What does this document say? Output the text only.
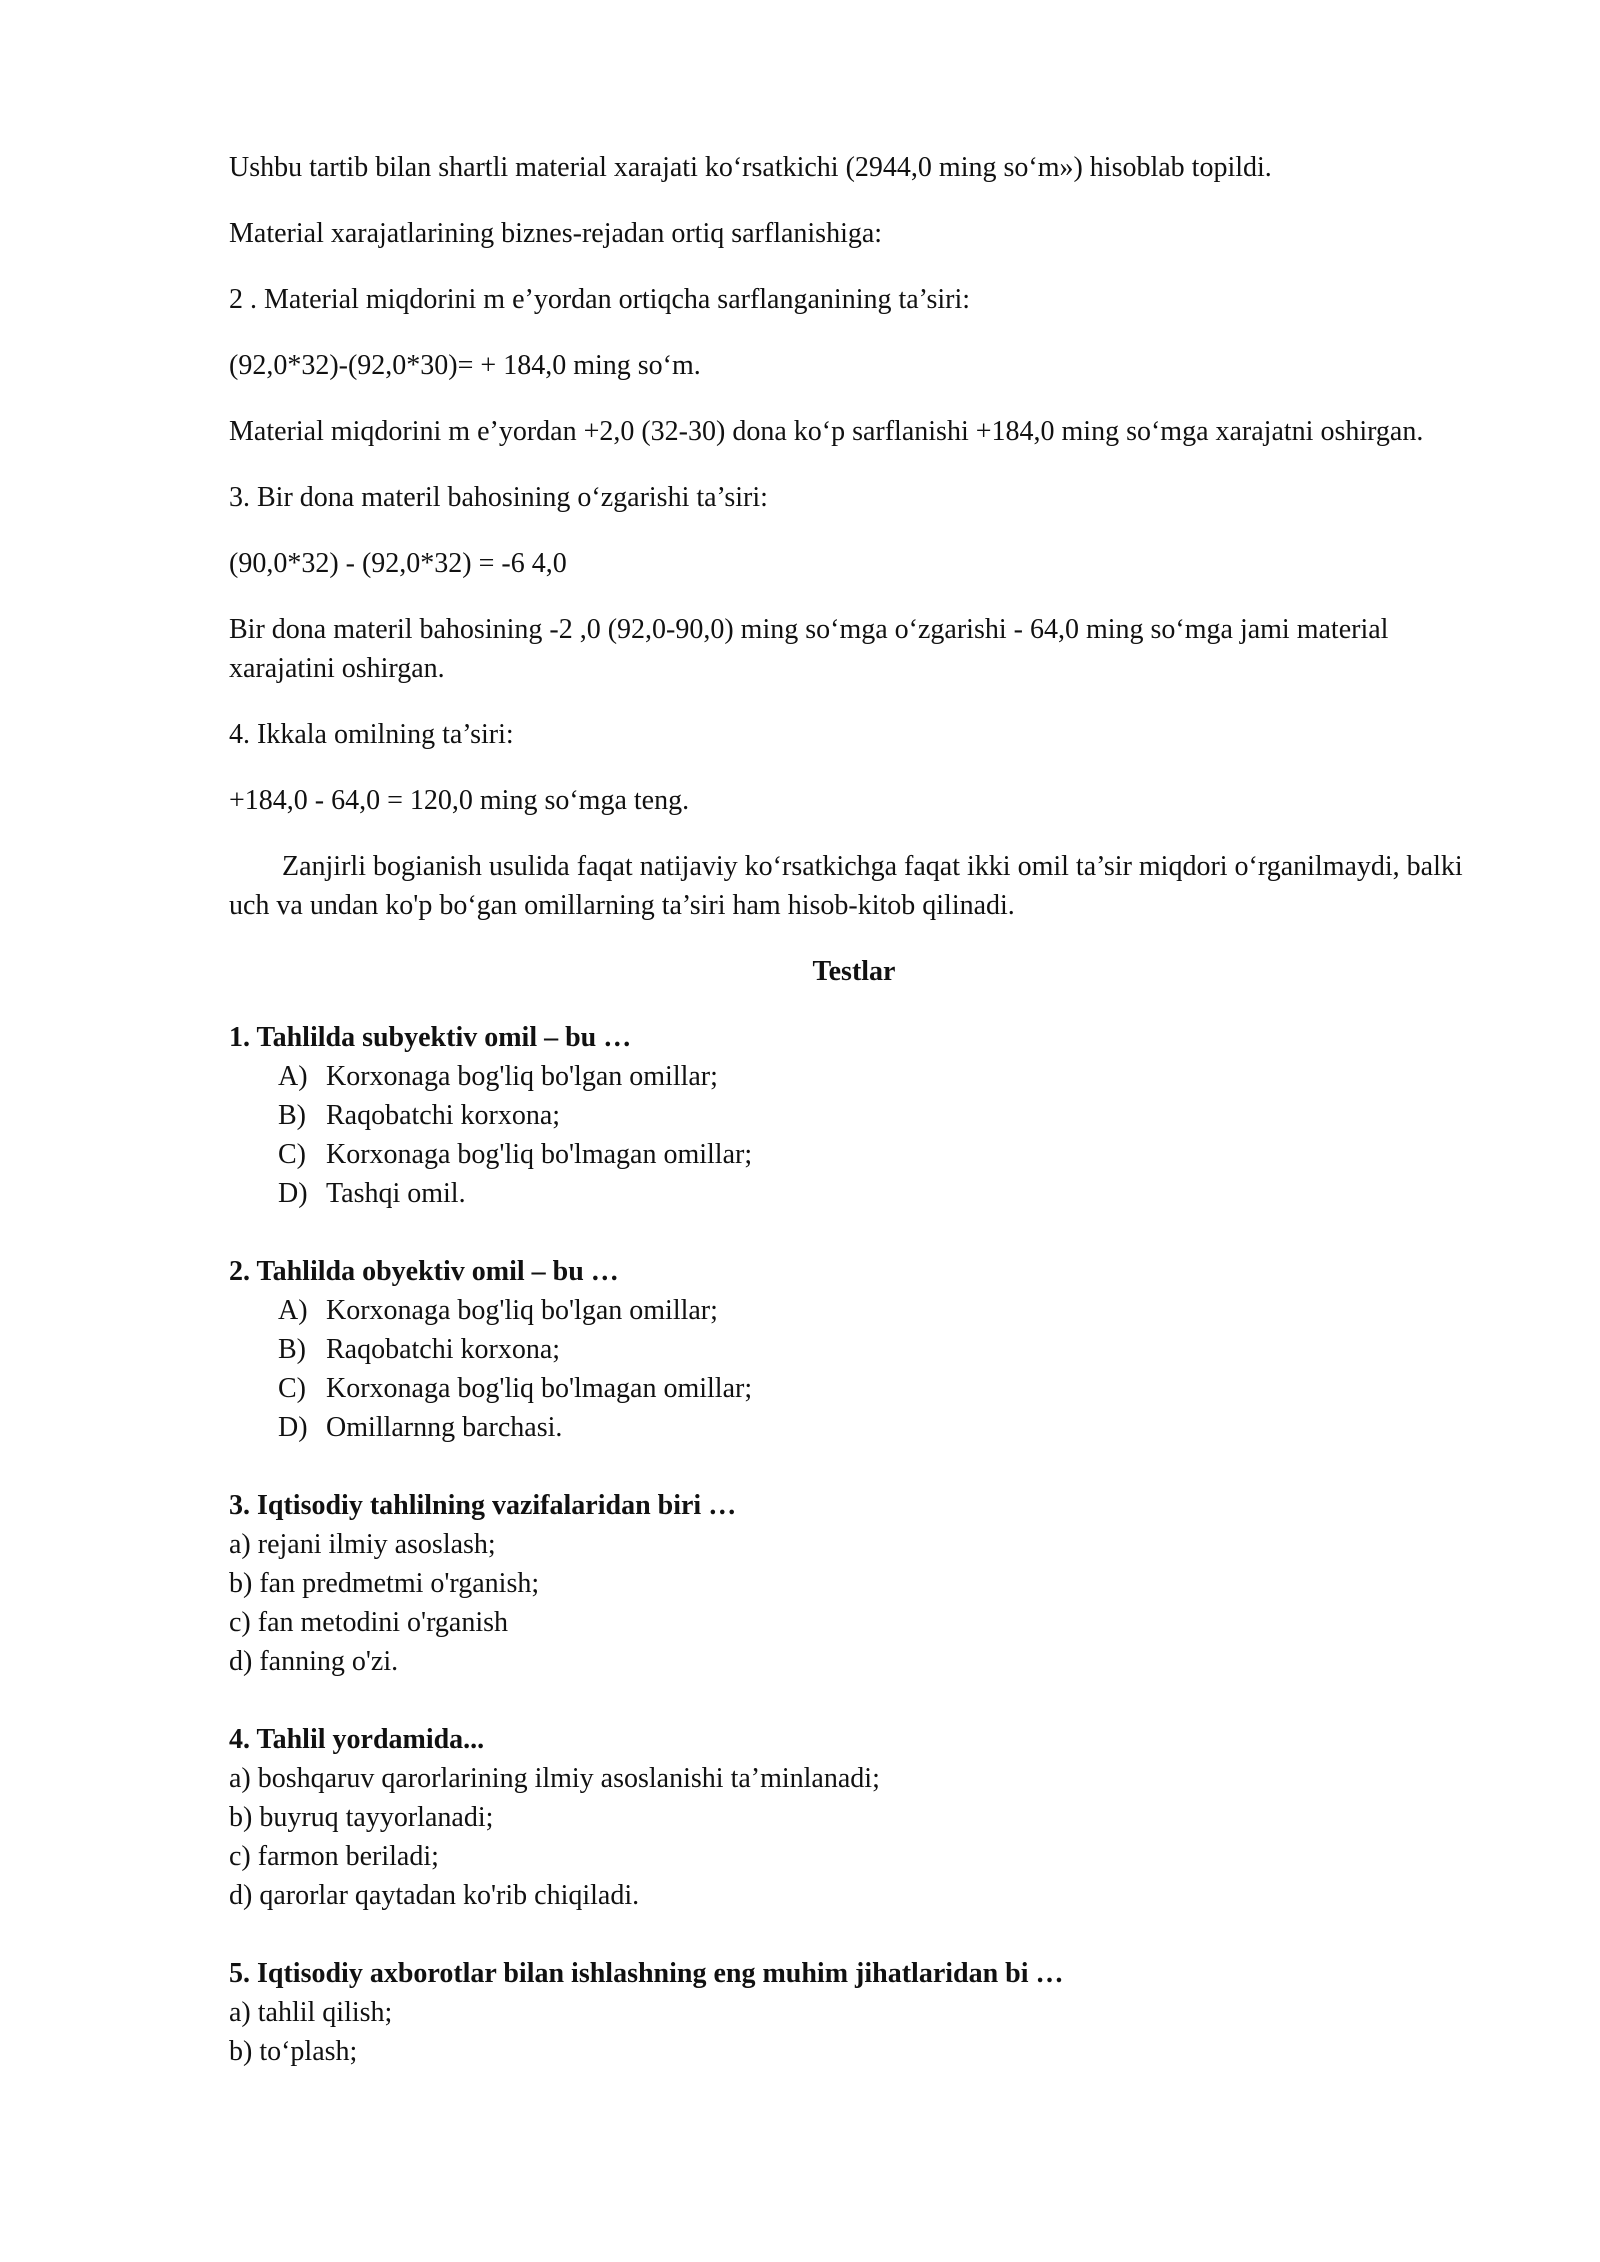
Ushbu tartib bilan shartli material xarajati ko‘rsatkichi (2944,0 ming so‘m») hisoblab topildi.

Material xarajatlarining biznes-rejadan ortiq sarflanishiga:

2 . Material miqdorini m e’yordan ortiqcha sarflanganining ta’siri:

(92,0*32)-(92,0*30)= + 184,0 ming so‘m.

Material miqdorini m e’yordan +2,0 (32-30) dona ko‘p sarflanishi +184,0 ming so‘mga xarajatni oshirgan.

3. Bir dona materil bahosining o‘zgarishi ta’siri:

(90,0*32) - (92,0*32) = -6 4,0

Bir dona materil bahosining -2 ,0 (92,0-90,0) ming so‘mga o‘zgarishi - 64,0 ming so‘mga jami material xarajatini oshirgan.

4. Ikkala omilning ta’siri:

+184,0 - 64,0 = 120,0 ming so‘mga teng.

Zanjirli bogianish usulida faqat natijaviy ko‘rsatkichga faqat ikki omil ta’sir miqdori o‘rganilmaydi, balki uch va undan ko'p bo‘gan omillarning ta’siri ham hisob-kitob qilinadi.

Testlar

1. Tahlilda subyektiv omil – bu …

A) Korxonaga bog'liq bo'lgan omillar;
B) Raqobatchi korxona;
C) Korxonaga bog'liq bo'lmagan omillar;
D) Tashqi omil.

2. Tahlilda obyektiv omil – bu …

A) Korxonaga bog'liq bo'lgan omillar;
B) Raqobatchi korxona;
C) Korxonaga bog'liq bo'lmagan omillar;
D) Omillarnng barchasi.

3. Iqtisodiy tahlilning vazifalaridan biri …

a) rejani ilmiy asoslash;
b) fan predmetmi o'rganish;
c) fan metodini o'rganish
d) fanning o'zi.

4. Tahlil yordamida...

a) boshqaruv qarorlarining ilmiy asoslanishi ta’minlanadi;
b) buyruq tayyorlanadi;
c) farmon beriladi;
d) qarorlar qaytadan ko'rib chiqiladi.

5. Iqtisodiy axborotlar bilan ishlashning eng muhim jihatlaridan bi …

a) tahlil qilish;
b) to‘plash;
